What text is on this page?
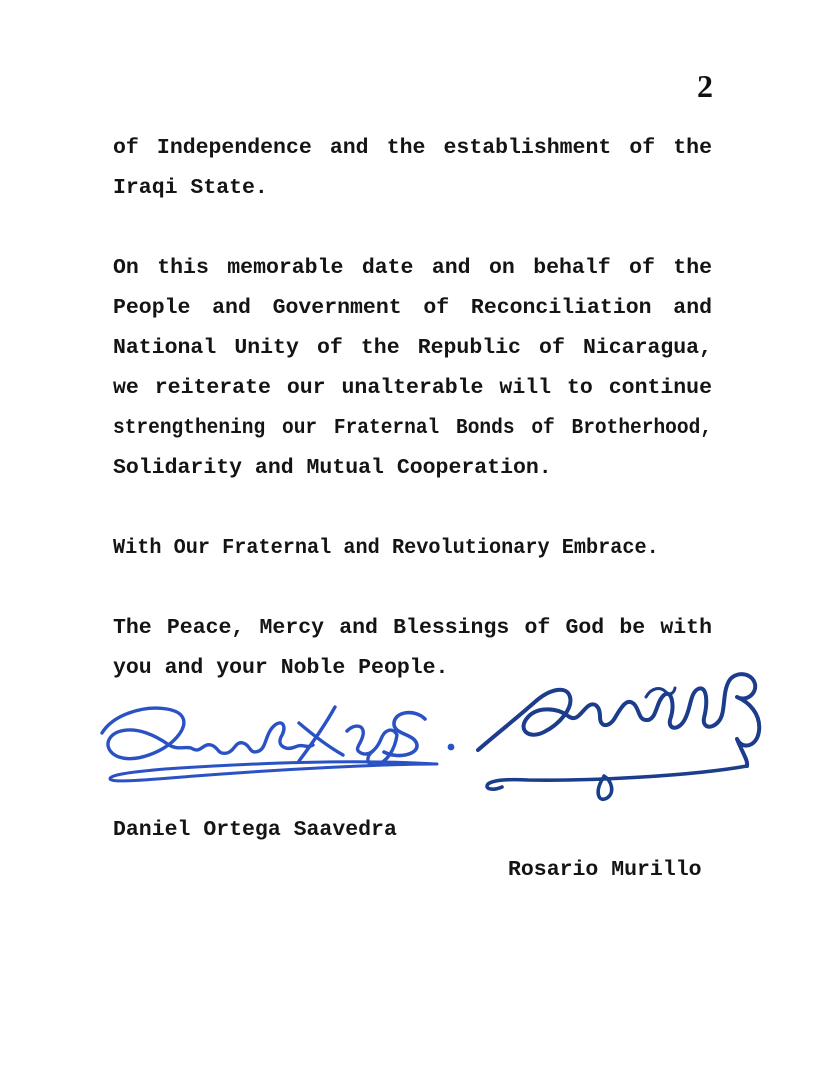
2
of Independence and the establishment of the
Iraqi State.
On this memorable date and on behalf of the
People and Government of Reconciliation and
National Unity of the Republic of Nicaragua,
we reiterate our unalterable will to continue
strengthening our Fraternal Bonds of Brotherhood,
Solidarity and Mutual Cooperation.
With Our Fraternal and Revolutionary Embrace.
The Peace, Mercy and Blessings of God be with
you and your Noble People.

Daniel Ortega Saavedra

Rosario Murillo
